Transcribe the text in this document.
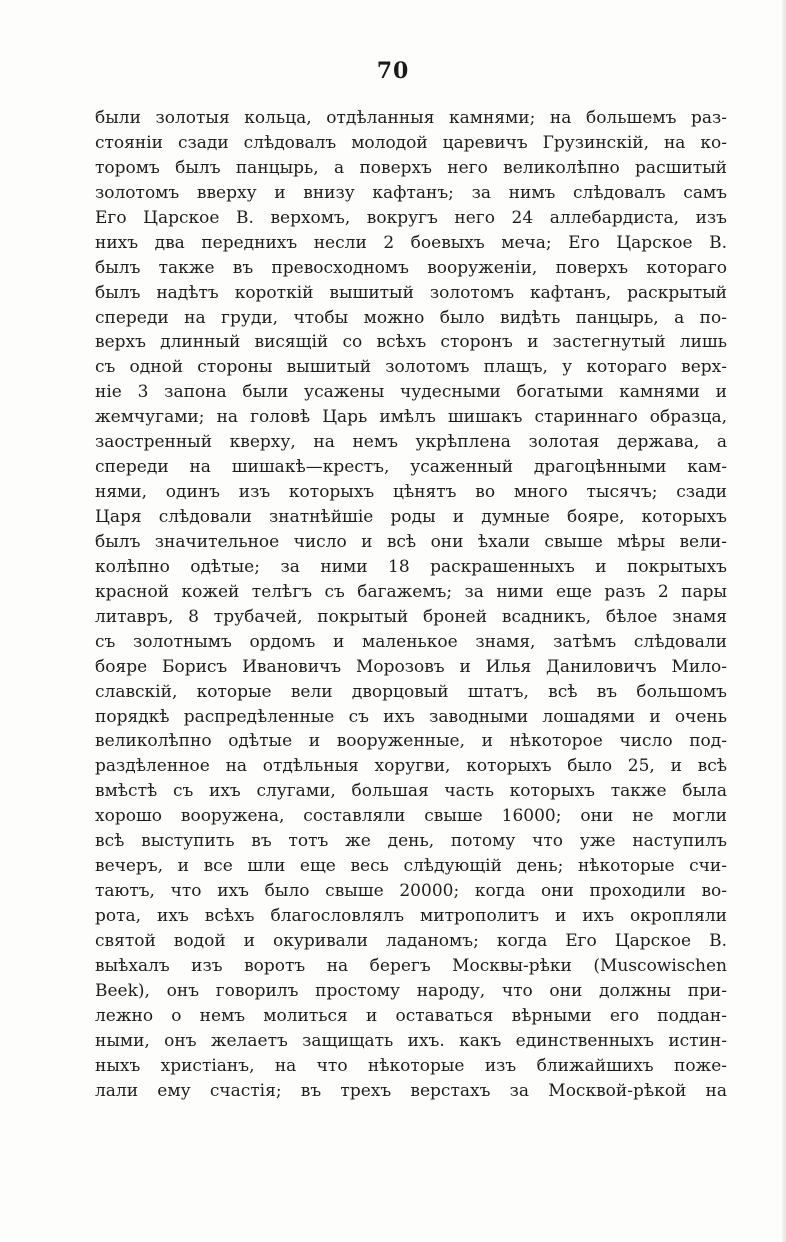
70
были золотыя кольца, отдѣланныя камнями; на большемъ раз-
стояніи сзади слѣдовалъ молодой царевичъ Грузинскій, на ко-
торомъ былъ панцырь, а поверхъ него великолѣпно расшитый
золотомъ вверху и внизу кафтанъ; за нимъ слѣдовалъ самъ
Его Царское В. верхомъ, вокругъ него 24 аллебардиста, изъ
нихъ два переднихъ несли 2 боевыхъ меча; Его Царское В.
былъ также въ превосходномъ вооруженіи, поверхъ котораго
былъ надѣтъ короткій вышитый золотомъ кафтанъ, раскрытый
спереди на груди, чтобы можно было видѣть панцырь, а по-
верхъ длинный висящій со всѣхъ сторонъ и застегнутый лишь
съ одной стороны вышитый золотомъ плащъ, у котораго верх-
ніе 3 запона были усажены чудесными богатыми камнями и
жемчугами; на головѣ Царь имѣлъ шишакъ стариннаго образца,
заостренный кверху, на немъ укрѣплена золотая держава, а
спереди на шишакѣ—крестъ, усаженный драгоцѣнными кам-
нями, одинъ изъ которыхъ цѣнятъ во много тысячъ; сзади
Царя слѣдовали знатнѣйшіе роды и думные бояре, которыхъ
былъ значительное число и всѣ они ѣхали свыше мѣры вели-
колѣпно одѣтые; за ними 18 раскрашенныхъ и покрытыхъ
красной кожей телѣгъ съ багажемъ; за ними еще разъ 2 пары
литавръ, 8 трубачей, покрытый броней всадникъ, бѣлое знамя
съ золотнымъ ордомъ и маленькое знамя, затѣмъ слѣдовали
бояре Борисъ Ивановичъ Морозовъ и Илья Даниловичъ Мило-
славскій, которые вели дворцовый штатъ, всѣ въ большомъ
порядкѣ распредѣленные съ ихъ заводными лошадями и очень
великолѣпно одѣтые и вооруженные, и нѣкоторое число под-
раздѣленное на отдѣльныя хоругви, которыхъ было 25, и всѣ
вмѣстѣ съ ихъ слугами, большая часть которыхъ также была
хорошо вооружена, составляли свыше 16000; они не могли
всѣ выступить въ тотъ же день, потому что уже наступилъ
вечеръ, и все шли еще весь слѣдующій день; нѣкоторые счи-
таютъ, что ихъ было свыше 20000; когда они проходили во-
рота, ихъ всѣхъ благословлялъ митрополитъ и ихъ окропляли
святой водой и окуривали ладаномъ; когда Его Царское В.
выѣхалъ изъ воротъ на берегъ Москвы-рѣки (Muscowischen
Beek), онъ говорилъ простому народу, что они должны при-
лежно о немъ молиться и оставаться вѣрными его поддан-
ными, онъ желаетъ защищать ихъ. какъ единственныхъ истин-
ныхъ христіанъ, на что нѣкоторые изъ ближайшихъ поже-
лали ему счастія; въ трехъ верстахъ за Москвой-рѣкой на
